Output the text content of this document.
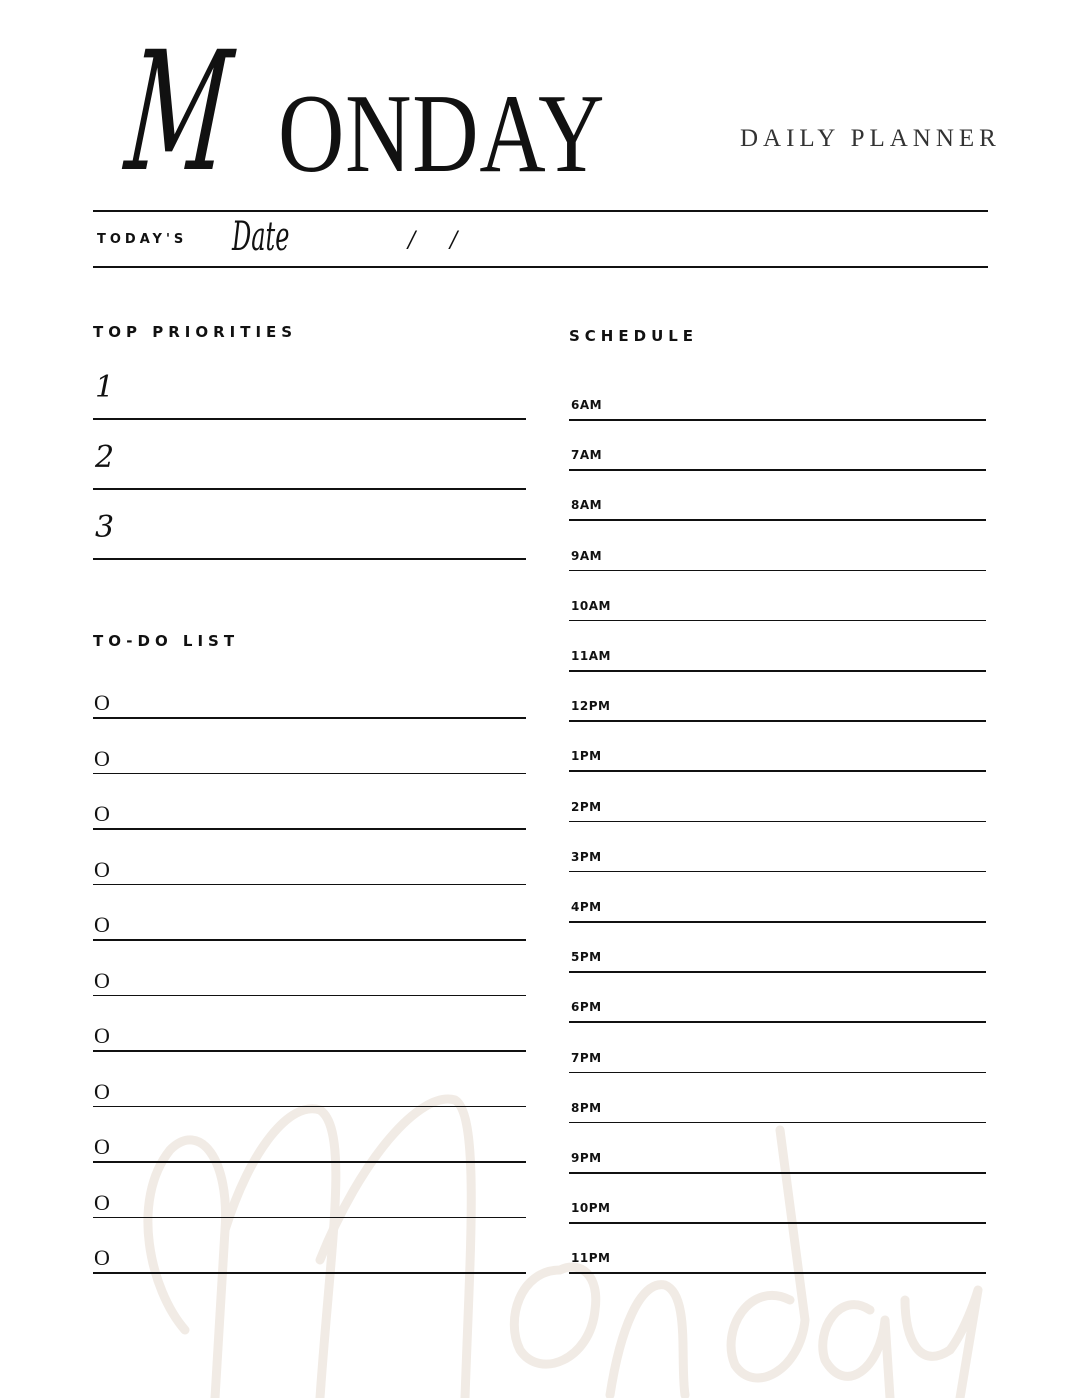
M ONDAY	DAILY PLANNER
TODAY'S Date	/ /
TOP PRIORITIES
TO-DO LIST
SCHEDULE
1
2
3
O
O
O
O
O
O
O
O
O
O
O
6AM
7AM
8AM
9AM
10AM
11AM
12PM
1PM
2PM
3PM
4PM
5PM
6PM
7PM
8PM
9PM
10PM
11PM
